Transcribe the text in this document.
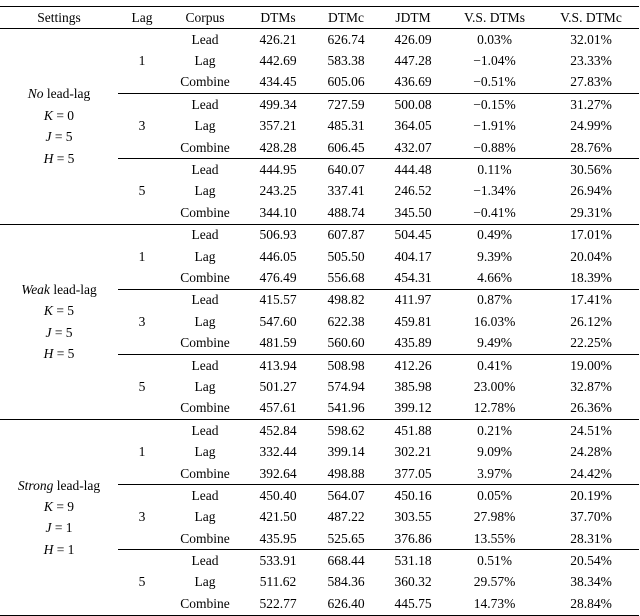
Settings	Lag	Corpus	DTMs	DTMc	JDTM	V.S. DTMs	V.S. DTMc

No lead-lag
K = 0
J = 5
H = 5	1	Lead	426.21	626.74	426.09	0.03%	32.01%
		Lag	442.69	583.38	447.28	−1.04%	23.33%
		Combine	434.45	605.06	436.69	−0.51%	27.83%
	3	Lead	499.34	727.59	500.08	−0.15%	31.27%
		Lag	357.21	485.31	364.05	−1.91%	24.99%
		Combine	428.28	606.45	432.07	−0.88%	28.76%
	5	Lead	444.95	640.07	444.48	0.11%	30.56%
		Lag	243.25	337.41	246.52	−1.34%	26.94%
		Combine	344.10	488.74	345.50	−0.41%	29.31%

Weak lead-lag
K = 5
J = 5
H = 5	1	Lead	506.93	607.87	504.45	0.49%	17.01%
		Lag	446.05	505.50	404.17	9.39%	20.04%
		Combine	476.49	556.68	454.31	4.66%	18.39%
	3	Lead	415.57	498.82	411.97	0.87%	17.41%
		Lag	547.60	622.38	459.81	16.03%	26.12%
		Combine	481.59	560.60	435.89	9.49%	22.25%
	5	Lead	413.94	508.98	412.26	0.41%	19.00%
		Lag	501.27	574.94	385.98	23.00%	32.87%
		Combine	457.61	541.96	399.12	12.78%	26.36%

Strong lead-lag
K = 9
J = 1
H = 1	1	Lead	452.84	598.62	451.88	0.21%	24.51%
		Lag	332.44	399.14	302.21	9.09%	24.28%
		Combine	392.64	498.88	377.05	3.97%	24.42%
	3	Lead	450.40	564.07	450.16	0.05%	20.19%
		Lag	421.50	487.22	303.55	27.98%	37.70%
		Combine	435.95	525.65	376.86	13.55%	28.31%
	5	Lead	533.91	668.44	531.18	0.51%	20.54%
		Lag	511.62	584.36	360.32	29.57%	38.34%
		Combine	522.77	626.40	445.75	14.73%	28.84%
